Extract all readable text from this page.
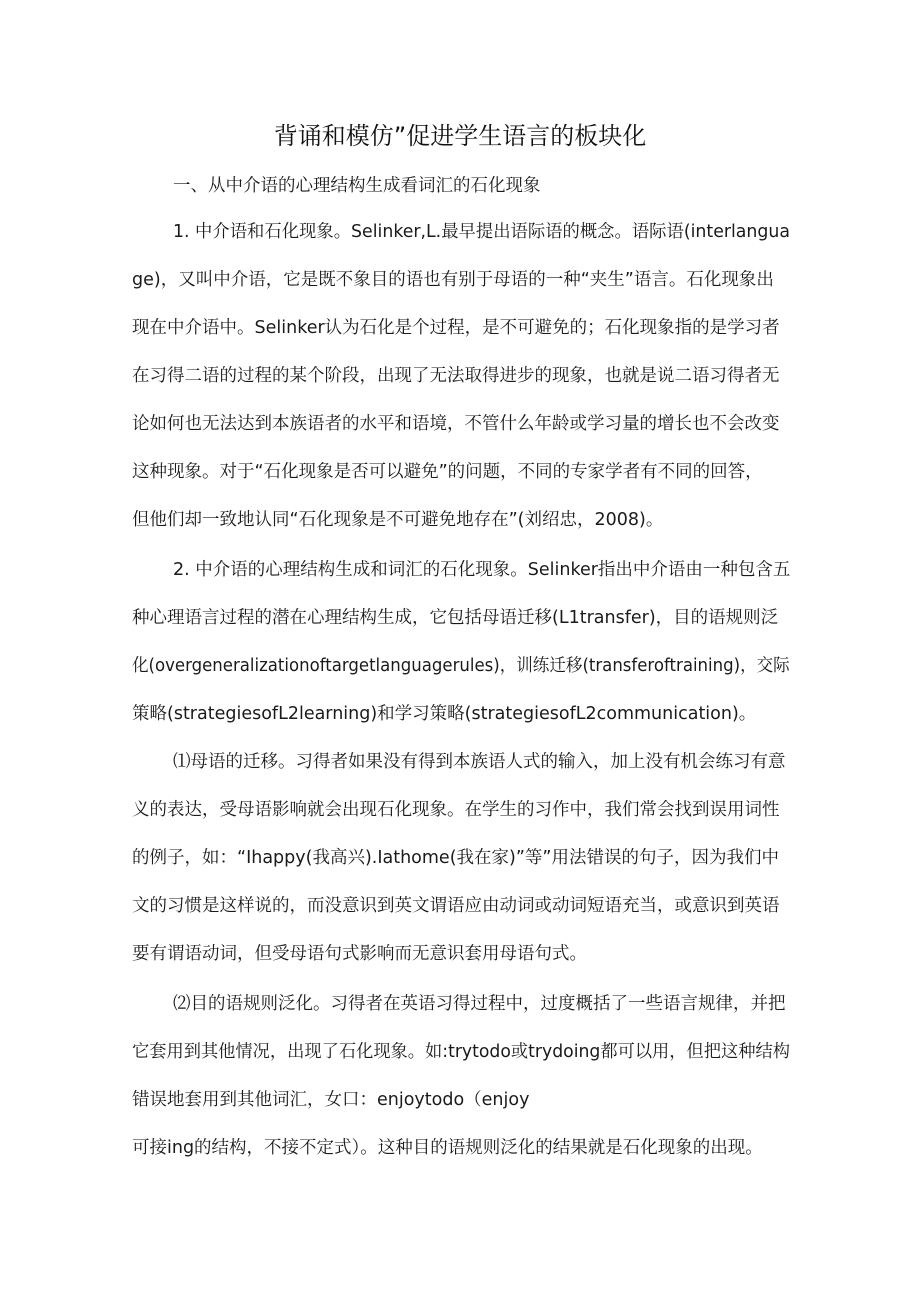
背诵和模仿”促进学生语言的板块化
一、从中介语的心理结构生成看词汇的石化现象
1. 中介语和石化现象。Selinker,L.最早提出语际语的概念。语际语(interlangua
ge)，又叫中介语，它是既不象目的语也有别于母语的一种“夹生”语言。石化现象出
现在中介语中。Selinker认为石化是个过程，是不可避免的；石化现象指的是学习者
在习得二语的过程的某个阶段，出现了无法取得进步的现象，也就是说二语习得者无
论如何也无法达到本族语者的水平和语境，不管什么年龄或学习量的增长也不会改变
这种现象。对于“石化现象是否可以避免”的问题，不同的专家学者有不同的回答，
但他们却一致地认同“石化现象是不可避免地存在”(刘绍忠，2008)。
2. 中介语的心理结构生成和词汇的石化现象。Selinker指出中介语由一种包含五
种心理语言过程的潜在心理结构生成，它包括母语迁移(L1transfer)，目的语规则泛
化(overgeneralizationoftargetlanguagerules)，训练迁移(transferoftraining)，交际
策略(strategiesofL2learning)和学习策略(strategiesofL2communication)。
⑴母语的迁移。习得者如果没有得到本族语人式的输入，加上没有机会练习有意
义的表达，受母语影响就会出现石化现象。在学生的习作中，我们常会找到误用词性
的例子，如：“Ihappy(我高兴).Iathome(我在家)”等”用法错误的句子，因为我们中
文的习惯是这样说的，而没意识到英文谓语应由动词或动词短语充当，或意识到英语
要有谓语动词，但受母语句式影响而无意识套用母语句式。
⑵目的语规则泛化。习得者在英语习得过程中，过度概括了一些语言规律，并把
它套用到其他情况，出现了石化现象。如:trytodo或trydoing都可以用，但把这种结构
错误地套用到其他词汇，女口：enjoytodo（enjoy
可接ing的结构，不接不定式）。这种目的语规则泛化的结果就是石化现象的出现。
